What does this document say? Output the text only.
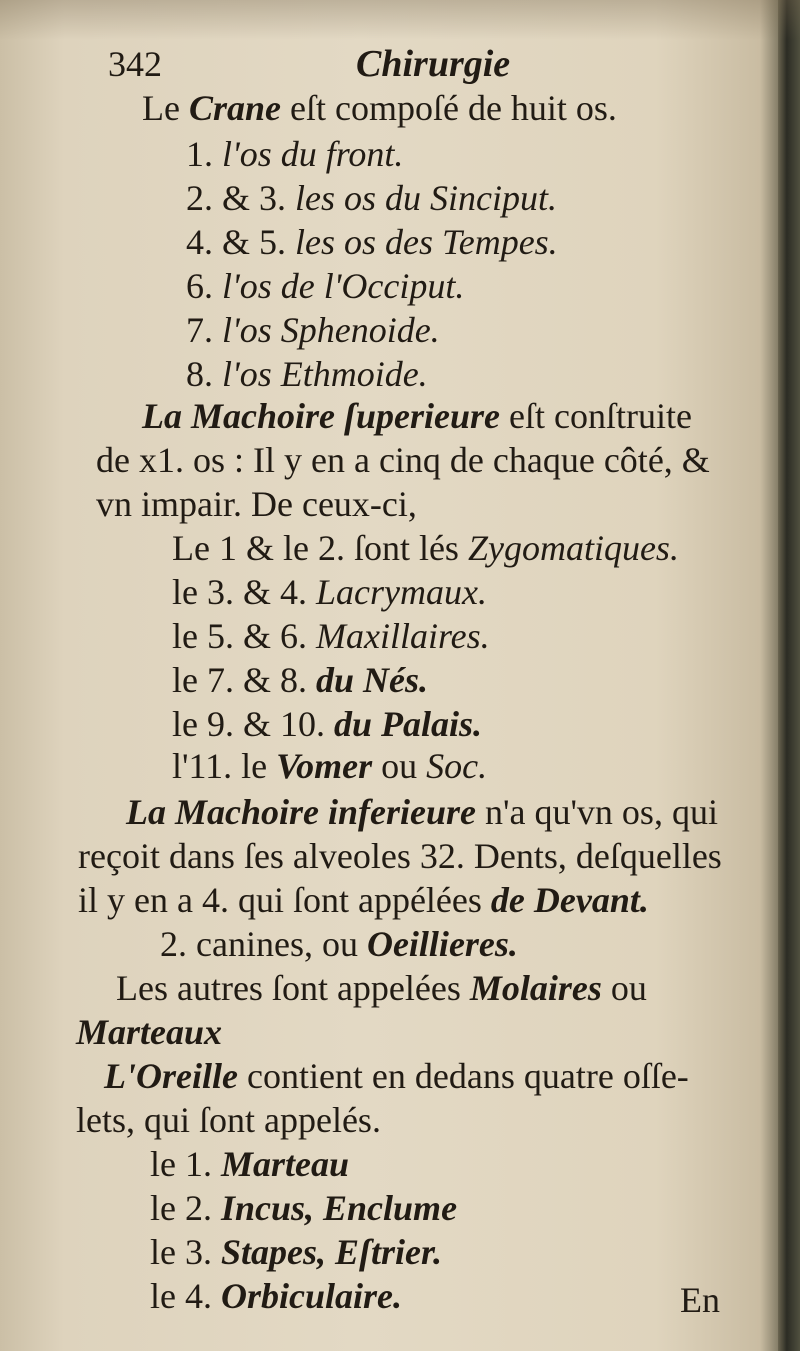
342	Chirurgie
Le Crane eſt compoſé de huit os.
1. l'os du front.
2. & 3. les os du Sinciput.
4. & 5. les os des Tempes.
6. l'os de l'Occiput.
7. l'os Sphenoide.
8. l'os Ethmoide.
La Machoire ſuperieure eſt conſtruite
de x1. os : Il y en a cinq de chaque côté, &
vn impair. De ceux-ci,
Le 1 & le 2. ſont lés Zygomatiques.
le 3. & 4. Lacrymaux.
le 5. & 6. Maxillaires.
le 7. & 8. du Nés.
le 9. & 10. du Palais.
l'11. le Vomer ou Soc.
La Machoire inferieure n'a qu'vn os, qui
reçoit dans ſes alveoles 32. Dents, deſquelles
il y en a 4. qui ſont appélées de Devant.
2. canines, ou Oeillieres.
Les autres ſont appelées Molaires ou
Marteaux
L'Oreille contient en dedans quatre oſſe-
lets, qui ſont appelés.
le 1. Marteau
le 2. Incus, Enclume
le 3. Stapes, Eſtrier.
le 4. Orbiculaire.	En
